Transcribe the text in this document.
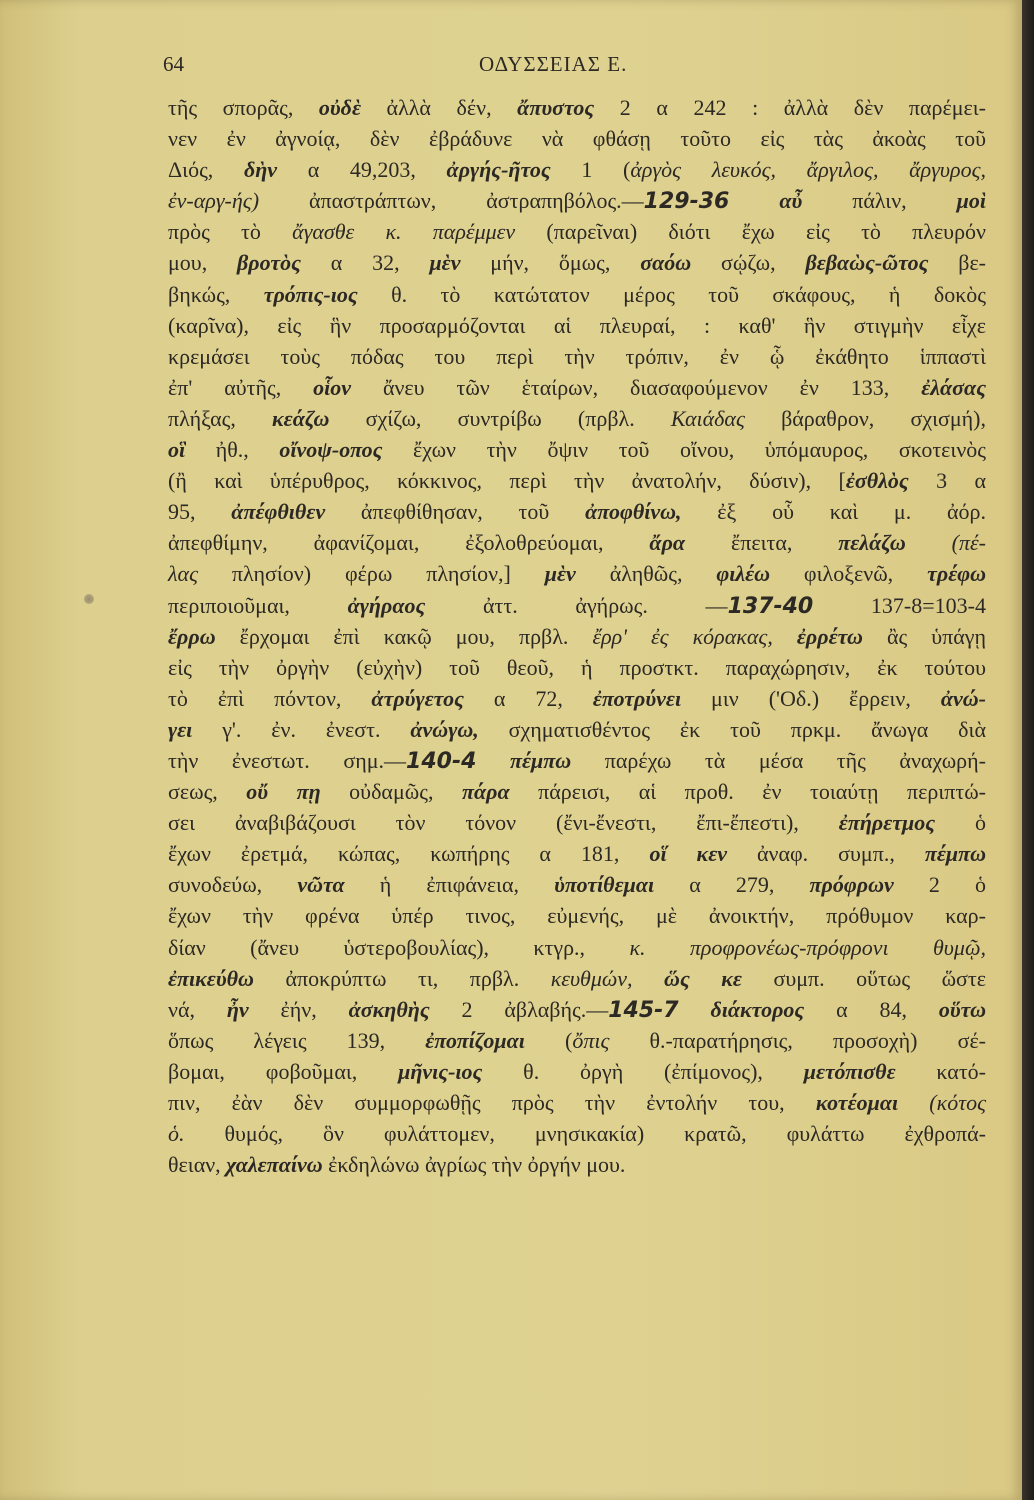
64	ΟΔΥΣΣΕΙΑΣ Ε.
τῆς σπορᾶς, οὐδὲ ἀλλὰ δέν, ἄπυστος 2 α 242 : ἀλλὰ δὲν παρέμει-
νεν ἐν ἀγνοίᾳ, δὲν ἐβράδυνε νὰ φθάσῃ τοῦτο εἰς τὰς ἀκοὰς τοῦ
Διός, δὴν α 49,203, ἀργής-ῆτος 1 (ἀργὸς λευκός, ἄργιλος, ἄργυρος,
ἐν-αργ-ής) ἀπαστράπτων, ἀστραπηβόλος.—129-36 αὖ πάλιν, μοὶ
πρὸς τὸ ἄγασθε κ. παρέμμεν (παρεῖναι) διότι ἔχω εἰς τὸ πλευρόν
μου, βροτὸς α 32, μὲν μήν, ὅμως, σαόω σῴζω, βεβαὼς-ῶτος βε-
βηκώς, τρόπις-ιος θ. τὸ κατώτατον μέρος τοῦ σκάφους, ἡ δοκὸς
(καρῖνα), εἰς ἣν προσαρμόζονται αἱ πλευραί, : καθ' ἣν στιγμὴν εἶχε
κρεμάσει τοὺς πόδας του περὶ τὴν τρόπιν, ἐν ᾧ ἐκάθητο ἱππαστὶ
ἐπ' αὐτῆς, οἷον ἄνευ τῶν ἑταίρων, διασαφούμενον ἐν 133, ἐλάσας
πλήξας, κεάζω σχίζω, συντρίβω (πρβλ. Καιάδας βάραθρον, σχισμή),
οἳ ἠθ., οἴνοψ-οπος ἔχων τὴν ὄψιν τοῦ οἴνου, ὑπόμαυρος, σκοτεινὸς
(ἢ καὶ ὑπέρυθρος, κόκκινος, περὶ τὴν ἀνατολήν, δύσιν), [ἐσθλὸς 3 α
95, ἀπέφθιθεν ἀπεφθίθησαν, τοῦ ἀποφθίνω, ἐξ οὗ καὶ μ. ἀόρ.
ἀπεφθίμην, ἀφανίζομαι, ἐξολοθρεύομαι, ἄρα ἔπειτα, πελάζω (πέ-
λας πλησίον) φέρω πλησίον,] μὲν ἀληθῶς, φιλέω φιλοξενῶ, τρέφω
περιποιοῦμαι, ἀγήραος ἀττ. ἀγήρως. —137-40 137-8=103-4
ἔρρω ἔρχομαι ἐπὶ κακῷ μου, πρβλ. ἔρρ' ἐς κόρακας, ἐρρέτω ἂς ὑπάγῃ
εἰς τὴν ὀργὴν (εὐχὴν) τοῦ θεοῦ, ἡ προστκτ. παραχώρησιν, ἐκ τούτου
τὸ ἐπὶ πόντον, ἀτρύγετος α 72, ἐποτρύνει μιν ('Οδ.) ἔρρειν, ἀνώ-
γει γ'. ἐν. ἐνεστ. ἀνώγω, σχηματισθέντος ἐκ τοῦ πρκμ. ἄνωγα διὰ
τὴν ἐνεστωτ. σημ.—140-4 πέμπω παρέχω τὰ μέσα τῆς ἀναχωρή-
σεως, οὔ πῃ οὐδαμῶς, πάρα πάρεισι, αἱ προθ. ἐν τοιαύτῃ περιπτώ-
σει ἀναβιβάζουσι τὸν τόνον (ἔνι-ἔνεστι, ἔπι-ἔπεστι), ἐπήρετμος ὁ
ἔχων ἐρετμά, κώπας, κωπήρης α 181, οἵ κεν ἀναφ. συμπ., πέμπω
συνοδεύω, νῶτα ἡ ἐπιφάνεια, ὑποτίθεμαι α 279, πρόφρων 2 ὁ
ἔχων τὴν φρένα ὑπέρ τινος, εὐμενής, μὲ ἀνοικτήν, πρόθυμον καρ-
δίαν (ἄνευ ὑστεροβουλίας), κτγρ., κ. προφρονέως-πρόφρονι θυμῷ,
ἐπικεύθω ἀποκρύπτω τι, πρβλ. κευθμών, ὥς κε συμπ. οὕτως ὥστε
νά, ἦν ἐήν, ἀσκηθὴς 2 ἀβλαβής.—145-7 διάκτορος α 84, οὕτω
ὅπως λέγεις 139, ἐποπίζομαι (ὄπις θ.-παρατήρησις, προσοχὴ) σέ-
βομαι, φοβοῦμαι, μῆνις-ιος θ. ὀργὴ (ἐπίμονος), μετόπισθε κατό-
πιν, ἐὰν δὲν συμμορφωθῇς πρὸς τὴν ἐντολήν του, κοτέομαι (κότος
ὁ. θυμός, ὃν φυλάττομεν, μνησικακία) κρατῶ, φυλάττω ἐχθροπά-
θειαν, χαλεπαίνω ἐκδηλώνω ἀγρίως τὴν ὀργήν μου.
